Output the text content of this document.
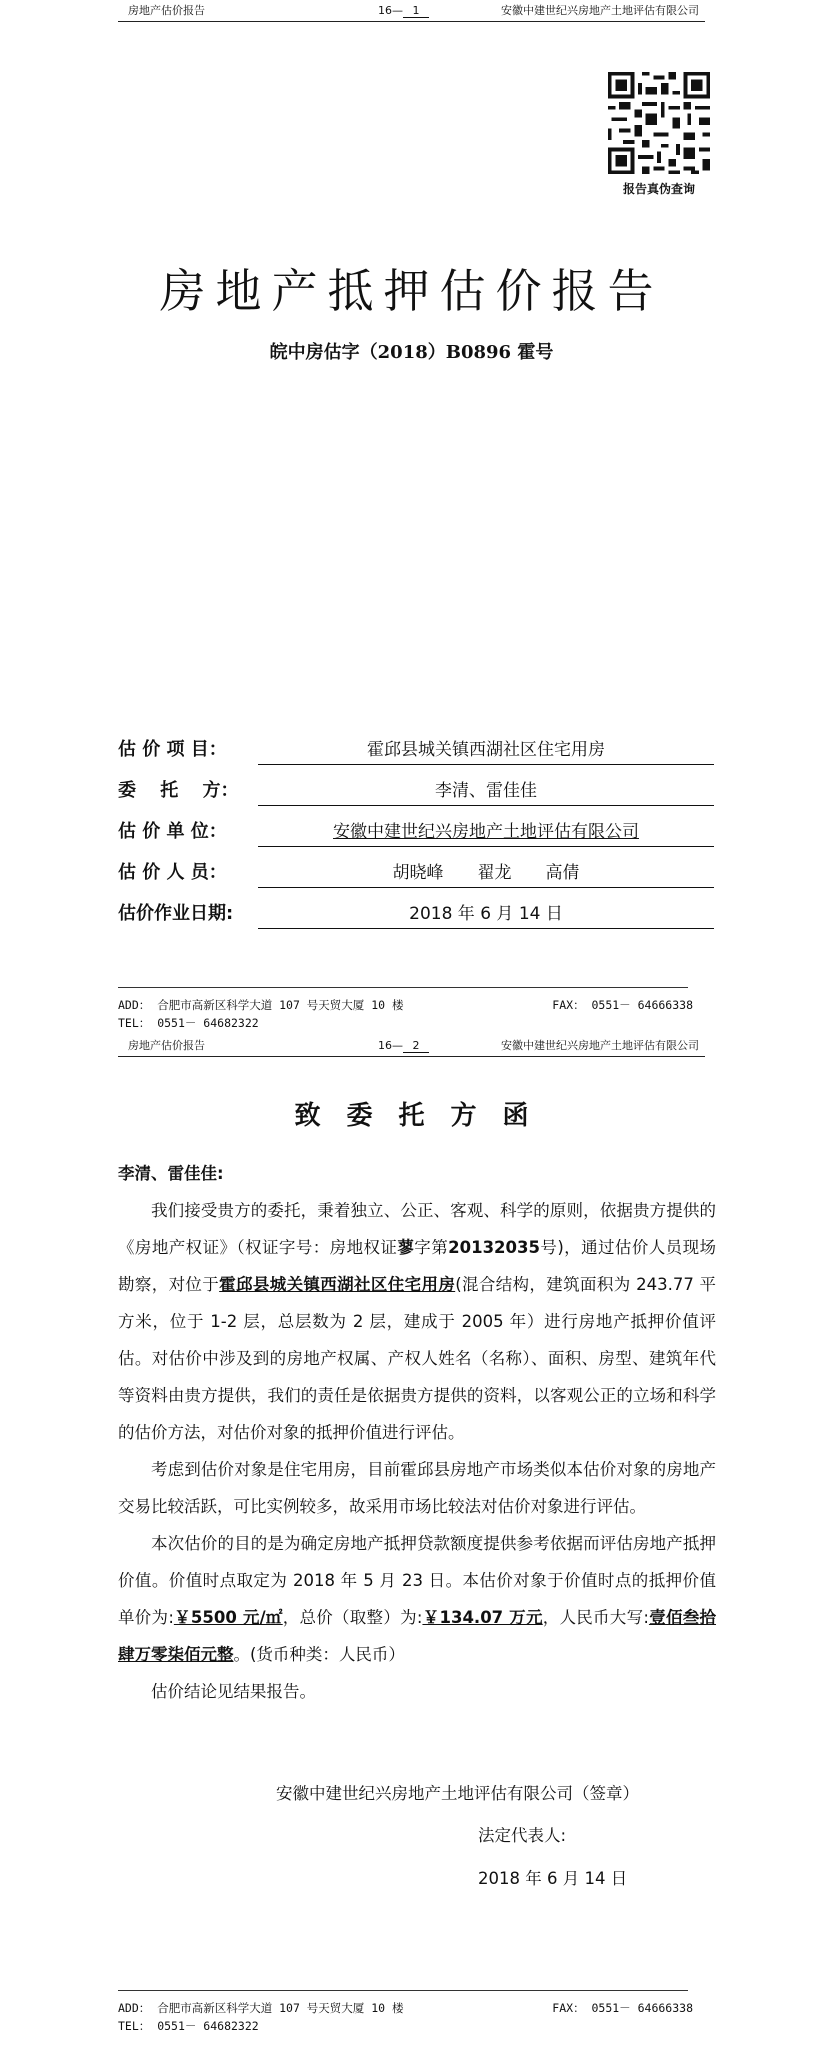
房地产估价报告	16— 1	安徽中建世纪兴房地产土地评估有限公司
报告真伪查询
房地产抵押估价报告
皖中房估字（2018）B0896 霍号
估 价 项 目：	霍邱县城关镇西湖社区住宅用房
委　 托　 方：	李清、雷佳佳
估 价 单 位：	安徽中建世纪兴房地产土地评估有限公司
估 价 人 员：	胡晓峰　　翟龙　　高倩
估价作业日期:	2018 年 6 月 14 日
ADD： 合肥市高新区科学大道 107 号天贸大厦 10 楼	FAX： 0551－ 64666338
TEL： 0551－ 64682322
房地产估价报告	16— 2	安徽中建世纪兴房地产土地评估有限公司
致委托方函
李清、雷佳佳:

我们接受贵方的委托，秉着独立、公正、客观、科学的原则，依据贵方提供的《房地产权证》（权证字号：房地权证蓼字第20132035号)，通过估价人员现场勘察，对位于霍邱县城关镇西湖社区住宅用房(混合结构，建筑面积为 243.77 平方米，位于 1-2 层，总层数为 2 层，建成于 2005 年）进行房地产抵押价值评估。对估价中涉及到的房地产权属、产权人姓名（名称）、面积、房型、建筑年代等资料由贵方提供，我们的责任是依据贵方提供的资料，以客观公正的立场和科学的估价方法，对估价对象的抵押价值进行评估。

考虑到估价对象是住宅用房，目前霍邱县房地产市场类似本估价对象的房地产交易比较活跃，可比实例较多，故采用市场比较法对估价对象进行评估。

本次估价的目的是为确定房地产抵押贷款额度提供参考依据而评估房地产抵押价值。价值时点取定为 2018 年 5 月 23 日。本估价对象于价值时点的抵押价值单价为:￥5500 元/㎡，总价（取整）为:￥134.07 万元，人民币大写:壹佰叁拾肆万零柒佰元整。(货币种类：人民币）

估价结论见结果报告。

安徽中建世纪兴房地产土地评估有限公司（签章）
法定代表人:
2018 年 6 月 14 日
ADD： 合肥市高新区科学大道 107 号天贸大厦 10 楼	FAX： 0551－ 64666338
TEL： 0551－ 64682322
